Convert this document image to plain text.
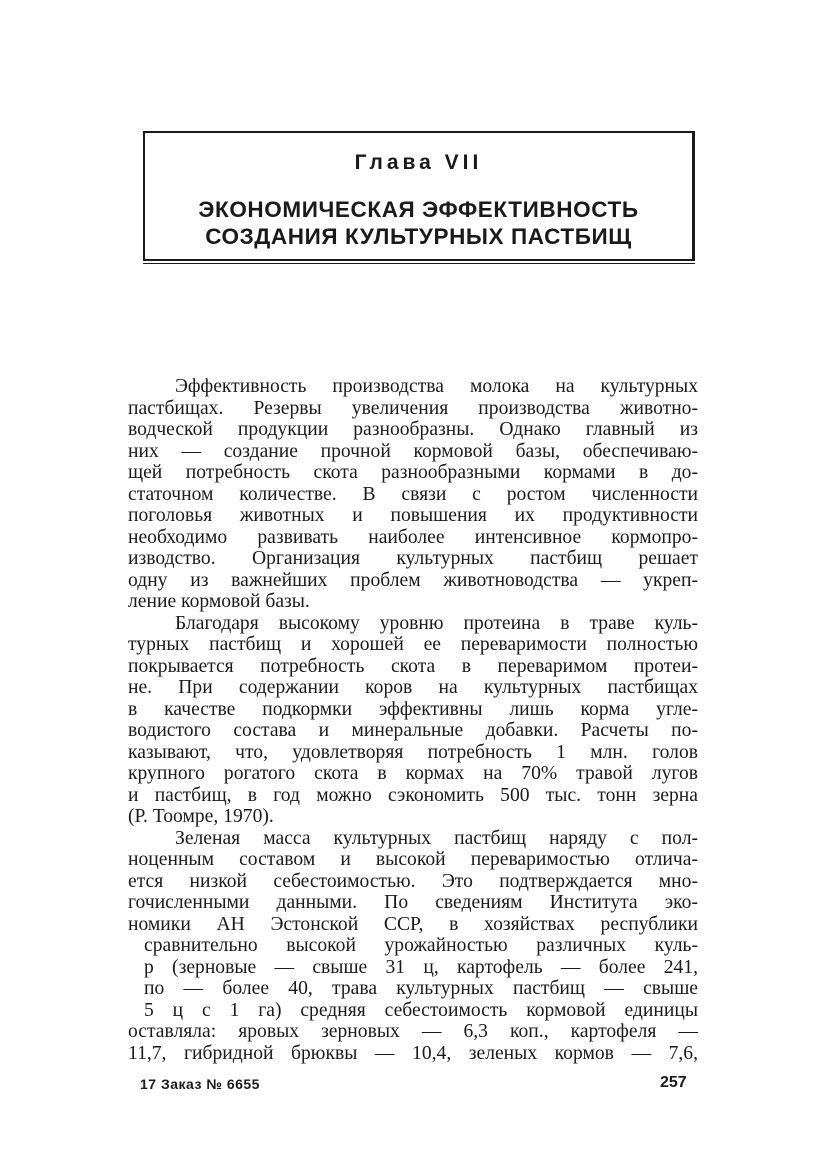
Глава VII
ЭКОНОМИЧЕСКАЯ ЭФФЕКТИВНОСТЬ
СОЗДАНИЯ КУЛЬТУРНЫХ ПАСТБИЩ
Эффективность производства молока на культурных
пастбищах. Резервы увеличения производства животно-
водческой продукции разнообразны. Однако главный из
них — создание прочной кормовой базы, обеспечиваю-
щей потребность скота разнообразными кормами в до-
статочном количестве. В связи с ростом численности
поголовья животных и повышения их продуктивности
необходимо развивать наиболее интенсивное кормопро-
изводство. Организация культурных пастбищ решает
одну из важнейших проблем животноводства — укреп-
ление кормовой базы.
Благодаря высокому уровню протеина в траве куль-
турных пастбищ и хорошей ее переваримости полностью
покрывается потребность скота в переваримом протеи-
не. При содержании коров на культурных пастбищах
в качестве подкормки эффективны лишь корма угле-
водистого состава и минеральные добавки. Расчеты по-
казывают, что, удовлетворяя потребность 1 млн. голов
крупного рогатого скота в кормах на 70% травой лугов
и пастбищ, в год можно сэкономить 500 тыс. тонн зерна
(Р. Тоомре, 1970).
Зеленая масса культурных пастбищ наряду с пол-
ноценным составом и высокой переваримостью отлича-
ется низкой себестоимостью. Это подтверждается мно-
гочисленными данными. По сведениям Института эко-
номики АН Эстонской ССР, в хозяйствах республики
сравнительно высокой урожайностью различных куль-
р (зерновые — свыше 31 ц, картофель — более 241,
по — более 40, трава культурных пастбищ — свыше
5 ц с 1 га) средняя себестоимость кормовой единицы
оставляла: яровых зерновых — 6,3 коп., картофеля —
11,7, гибридной брюквы — 10,4, зеленых кормов — 7,6,
17 Заказ № 6655	257
